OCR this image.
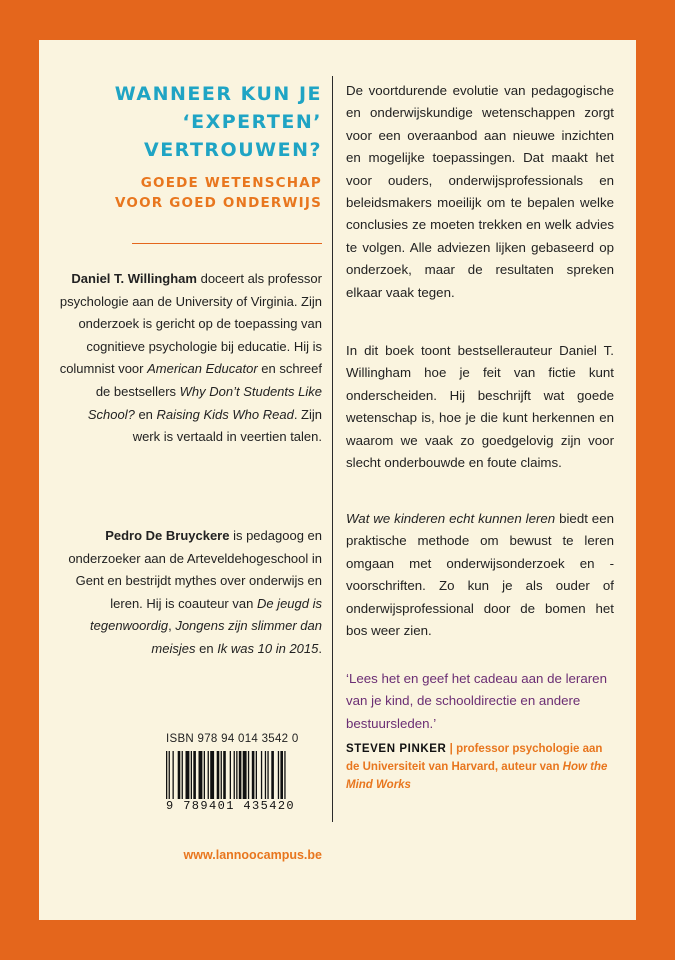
WANNEER KUN JE
‘EXPERTEN’
VERTROUWEN?
GOEDE WETENSCHAP
VOOR GOED ONDERWIJS
Daniel T. Willingham doceert als professor psychologie aan de University of Virginia. Zijn onderzoek is gericht op de toepassing van cognitieve psychologie bij educatie. Hij is columnist voor American Educator en schreef de bestsellers Why Don’t Students Like School? en Raising Kids Who Read. Zijn werk is vertaald in veertien talen.
Pedro De Bruyckere is pedagoog en onderzoeker aan de Arteveldehogeschool in Gent en bestrijdt mythes over onderwijs en leren. Hij is coauteur van De jeugd is tegenwoordig, Jongens zijn slimmer dan meisjes en Ik was 10 in 2015.
ISBN 978 94 014 3542 0
9 789401 435420
www.lannoocampus.be

De voortdurende evolutie van pedagogische en onderwijskundige wetenschappen zorgt voor een overaanbod aan nieuwe inzichten en mogelijke toepassingen. Dat maakt het voor ouders, onderwijsprofessionals en beleidsmakers moeilijk om te bepalen welke conclusies ze moeten trekken en welk advies te volgen. Alle adviezen lijken gebaseerd op onderzoek, maar de resultaten spreken elkaar vaak tegen.

In dit boek toont bestsellerauteur Daniel T. Willingham hoe je feit van fictie kunt onderscheiden. Hij beschrijft wat goede wetenschap is, hoe je die kunt herkennen en waarom we vaak zo goedgelovig zijn voor slecht onderbouwde en foute claims.

Wat we kinderen echt kunnen leren biedt een praktische methode om bewust te leren omgaan met onderwijsonderzoek en -voorschriften. Zo kun je als ouder of onderwijsprofessional door de bomen het bos weer zien.

‘Lees het en geef het cadeau aan de leraren van je kind, de schooldirectie en andere bestuursleden.’
STEVEN PINKER | professor psychologie aan de Universiteit van Harvard, auteur van How the Mind Works
